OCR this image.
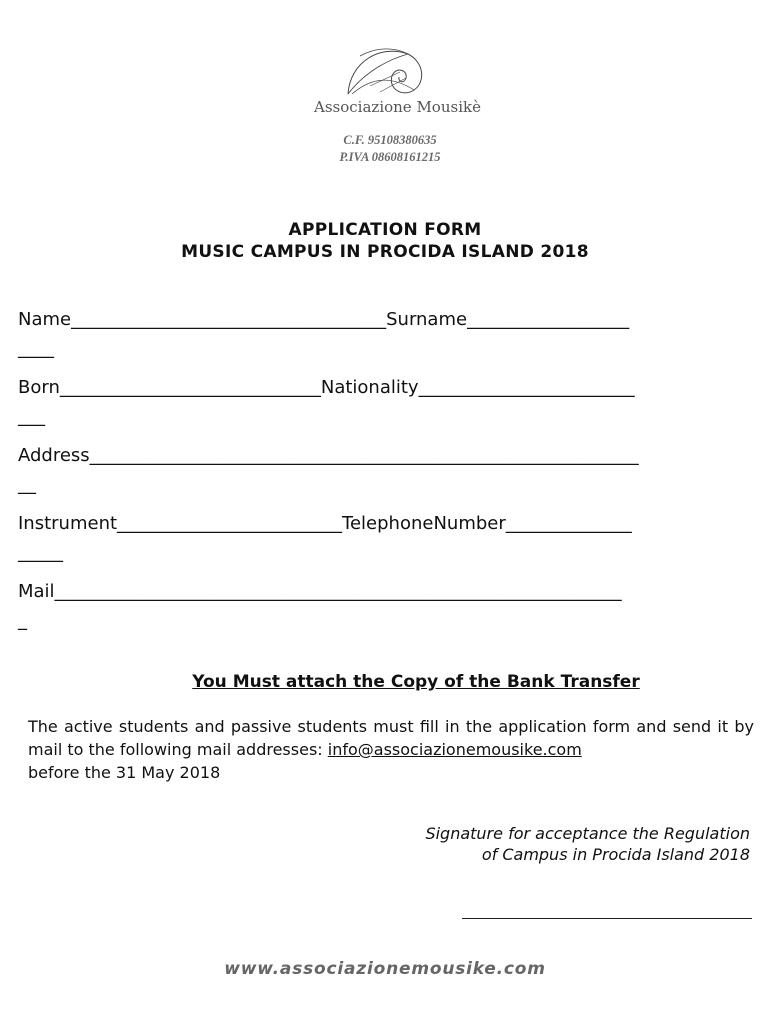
Associazione Mousikè
C.F. 95108380635
P.IVA 08608161215
APPLICATION FORM
MUSIC CAMPUS IN PROCIDA ISLAND 2018
Name___________________________________Surname__________________
____
Born_____________________________Nationality________________________
___
Address_____________________________________________________________
__
Instrument_________________________TelephoneNumber______________
_____
Mail_______________________________________________________________
_
You Must attach the Copy of the Bank Transfer
The active students and passive students must fill in the application form and send it by mail to the following mail addresses: info@associazionemousike.com
before the 31 May 2018
Signature for acceptance the Regulation
of Campus in Procida Island 2018
www.associazionemousike.com
